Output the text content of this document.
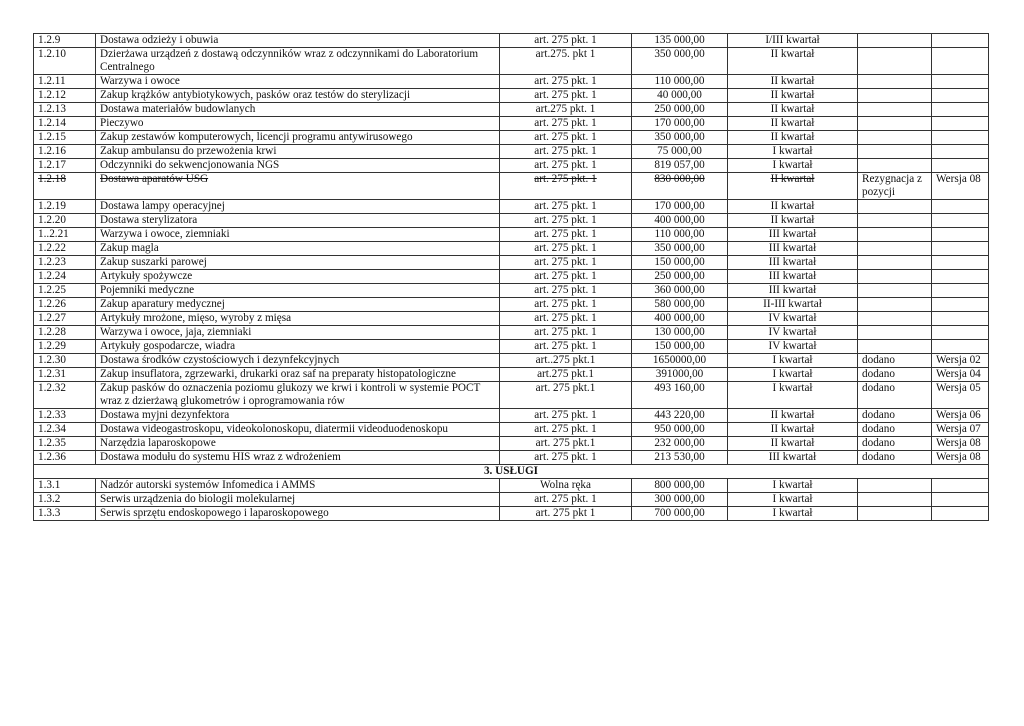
1.2.9	Dostawa odzieży i obuwia	art. 275 pkt. 1	135 000,00	I/III kwartał		
1.2.10	Dzierżawa urządzeń z dostawą odczynników wraz z odczynnikami do Laboratorium Centralnego	art.275. pkt 1	350 000,00	II kwartał		
1.2.11	Warzywa i owoce	art. 275 pkt. 1	110 000,00	II kwartał		
1.2.12	Zakup krążków antybiotykowych, pasków oraz testów do sterylizacji	art. 275 pkt. 1	40 000,00	II kwartał		
1.2.13	Dostawa materiałów budowlanych	art.275 pkt. 1	250 000,00	II kwartał		
1.2.14	Pieczywo	art. 275 pkt. 1	170 000,00	II kwartał		
1.2.15	Zakup zestawów komputerowych, licencji programu antywirusowego	art. 275 pkt. 1	350 000,00	II kwartał		
1.2.16	Zakup ambulansu do przewożenia krwi	art. 275 pkt. 1	75 000,00	I kwartał		
1.2.17	Odczynniki do sekwencjonowania NGS	art. 275 pkt. 1	819 057,00	I kwartał		
1.2.18	Dostawa aparatów USG	art. 275 pkt. 1	830 000,00	II kwartał	Rezygnacja z pozycji	Wersja 08
1.2.19	Dostawa lampy operacyjnej	art. 275 pkt. 1	170 000,00	II kwartał		
1.2.20	Dostawa sterylizatora	art. 275 pkt. 1	400 000,00	II kwartał		
1..2.21	Warzywa i owoce, ziemniaki	art. 275 pkt. 1	110 000,00	III kwartał		
1.2.22	Zakup magla	art. 275 pkt. 1	350 000,00	III kwartał		
1.2.23	Zakup suszarki parowej	art. 275 pkt. 1	150 000,00	III kwartał		
1.2.24	Artykuły spożywcze	art. 275 pkt. 1	250 000,00	III kwartał		
1.2.25	Pojemniki medyczne	art. 275 pkt. 1	360 000,00	III kwartał		
1.2.26	Zakup aparatury medycznej	art. 275 pkt. 1	580 000,00	II-III kwartał		
1.2.27	Artykuły mrożone, mięso, wyroby z mięsa	art. 275 pkt. 1	400 000,00	IV kwartał		
1.2.28	Warzywa i owoce, jaja, ziemniaki	art. 275 pkt. 1	130 000,00	IV kwartał		
1.2.29	Artykuły gospodarcze, wiadra	art. 275 pkt. 1	150 000,00	IV kwartał		
1.2.30	Dostawa środków czystościowych i dezynfekcyjnych	art..275 pkt.1	1650000,00	I kwartał	dodano	Wersja 02
1.2.31	Zakup insuflatora, zgrzewarki, drukarki oraz saf na preparaty histopatologiczne	art.275 pkt.1	391000,00	I kwartał	dodano	Wersja 04
1.2.32	Zakup pasków do oznaczenia poziomu glukozy we krwi i kontroli w systemie POCT wraz z dzierżawą glukometrów i oprogramowania rów	art. 275 pkt.1	493 160,00	I kwartał	dodano	Wersja 05
1.2.33	Dostawa myjni dezynfektora	art. 275 pkt. 1	443 220,00	II kwartał	dodano	Wersja 06
1.2.34	Dostawa videogastroskopu, videokolonoskopu, diatermii videoduodenoskopu	art. 275 pkt. 1	950 000,00	II kwartał	dodano	Wersja 07
1.2.35	Narzędzia laparoskopowe	art. 275 pkt.1	232 000,00	II kwartał	dodano	Wersja 08
1.2.36	Dostawa modułu do systemu HIS wraz z wdrożeniem	art. 275 pkt. 1	213 530,00	III kwartał	dodano	Wersja 08
3. USŁUGI						
1.3.1	Nadzór autorski systemów Infomedica i AMMS	Wolna ręka	800 000,00	I kwartał		
1.3.2	Serwis urządzenia do biologii molekularnej	art. 275 pkt. 1	300 000,00	I kwartał		
1.3.3	Serwis sprzętu endoskopowego i laparoskopowego	art. 275 pkt 1	700 000,00	I kwartał		
